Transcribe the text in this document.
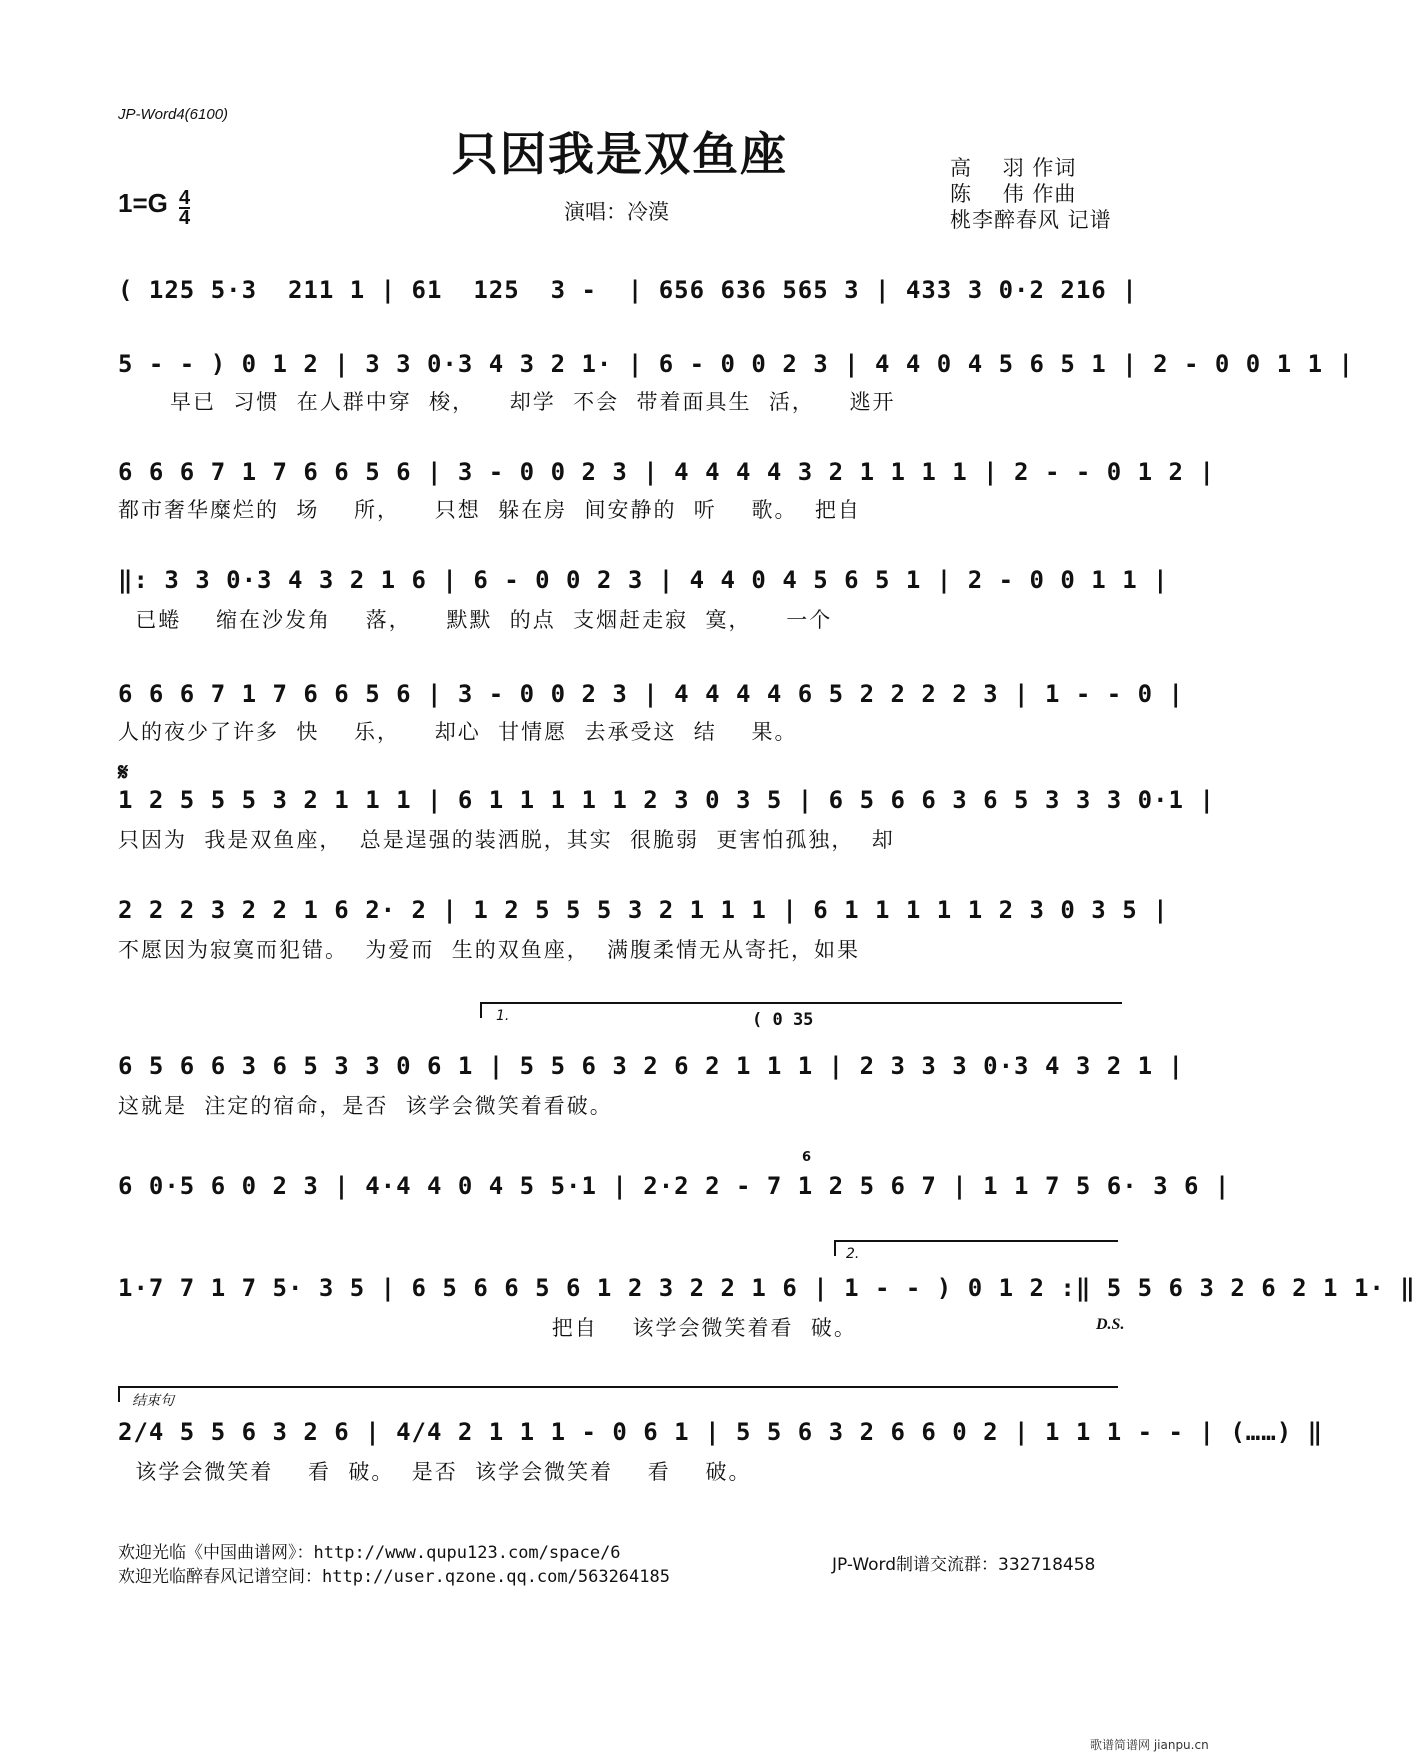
JP-Word4(6100)
只因我是双鱼座	高    羽 作词
陈    伟 作曲
桃李醉春风 记谱
$1=G \frac{4}{4}$	演唱：冷漠
( 125 5·3  211 1 | 61  125  3 -  | 656 636 565 3 | 433 3 0·2 216 |
5 - - ) 0 1 2 | 3 3 0·3 4 3 2 1· | 6 - 0 0 2 3 | 4 4 0 4 5 6 5 1 | 2 - 0 0 1 1 |
早已  习惯  在人群中穿  梭，    却学  不会  带着面具生  活，    逃开
6 6 6 7 1 7 6 6 5 6 | 3 - 0 0 2 3 | 4 4 4 4 3 2 1 1 1 1 | 2 - - 0 1 2 |
都市奢华糜烂的  场    所，    只想  躲在房  间安静的  听    歌。  把自
‖: 3 3 0·3 4 3 2 1 6 | 6 - 0 0 2 3 | 4 4 0 4 5 6 5 1 | 2 - 0 0 1 1 |
已蜷    缩在沙发角    落，    默默  的点  支烟赶走寂  寞，    一个
6 6 6 7 1 7 6 6 5 6 | 3 - 0 0 2 3 | 4 4 4 4 6 5 2 2 2 2 3 | 1 - - 0 |
人的夜少了许多  快    乐，    却心  甘情愿  去承受这  结    果。
𝄋
1 2 5 5 5 3 2 1 1 1 | 6 1 1 1 1 1 2 3 0 3 5 | 6 5 6 6 3 6 5 3 3 3 0·1 |
只因为  我是双鱼座，  总是逞强的装洒脱，其实  很脆弱  更害怕孤独，  却
2 2 2 3 2 2 1 6 2· 2 | 1 2 5 5 5 3 2 1 1 1 | 6 1 1 1 1 1 2 3 0 3 5 |
不愿因为寂寞而犯错。  为爱而  生的双鱼座，  满腹柔情无从寄托，如果
1.	( 0 35
6 5 6 6 3 6 5 3 3 0 6 1 | 5 5 6 3 2 6 2 1 1 1 | 2 3 3 3 0·3 4 3 2 1 |
这就是  注定的宿命，是否  该学会微笑着看破。
6
6 0·5 6 0 2 3 | 4·4 4 0 4 5 5·1 | 2·2 2 - 7 1 2 5 6 7 | 1 1 7 5 6· 3 6 |
2.
1·7 7 1 7 5· 3 5 | 6 5 6 6 5 6 1 2 3 2 2 1 6 | 1 - - ) 0 1 2 :‖ 5 5 6 3 2 6 2 1 1· ‖
把自    该学会微笑着看  破。	D.S.
结束句
2/4 5 5 6 3 2 6 | 4/4 2 1 1 1 - 0 6 1 | 5 5 6 3 2 6 6 0 2 | 1 1 1 - - | (……) ‖
该学会微笑着    看  破。  是否  该学会微笑着    看    破。
欢迎光临《中国曲谱网》：http://www.qupu123.com/space/6
欢迎光临醉春风记谱空间：http://user.qzone.qq.com/563264185
JP-Word制谱交流群：332718458
歌谱简谱网 jianpu.cn
